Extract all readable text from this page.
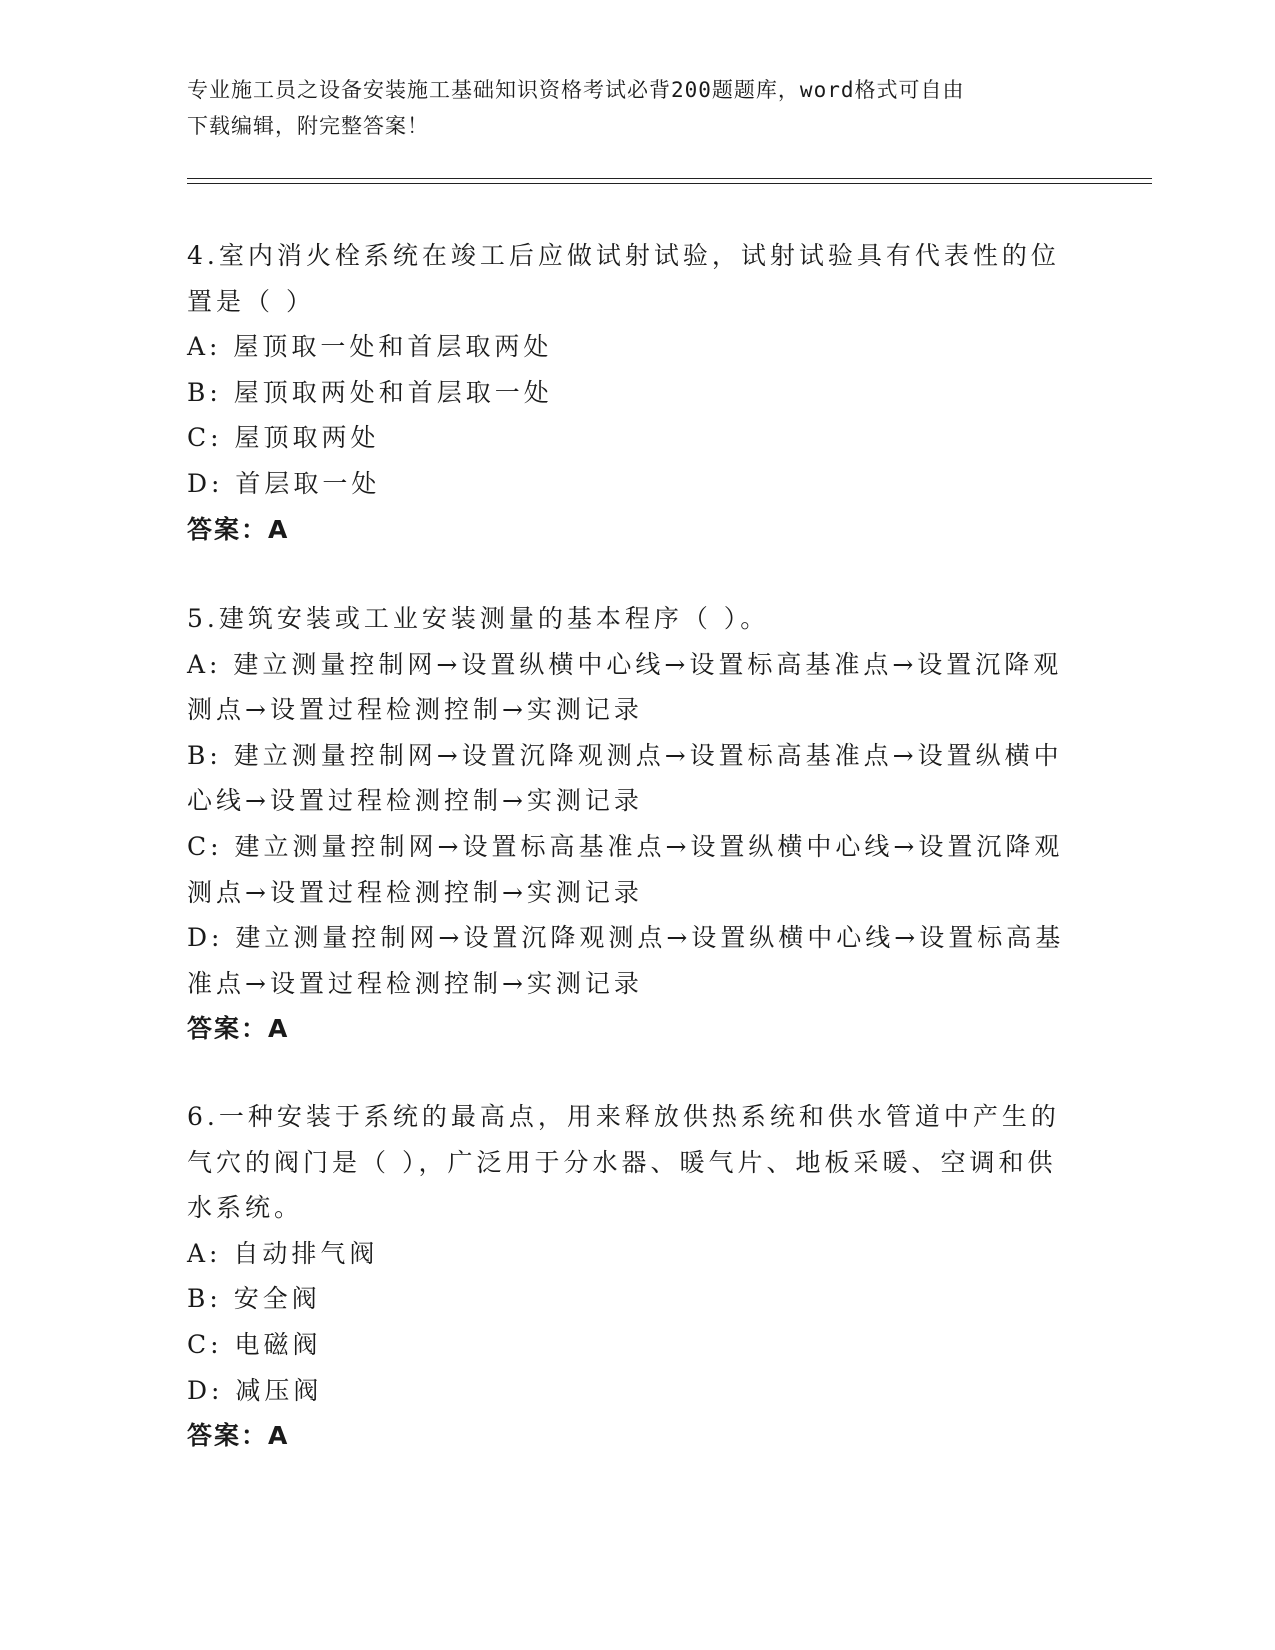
专业施工员之设备安装施工基础知识资格考试必背200题题库，word格式可自由
下载编辑，附完整答案！
4.室内消火栓系统在竣工后应做试射试验，试射试验具有代表性的位
置是（ ）
A: 屋顶取一处和首层取两处
B: 屋顶取两处和首层取一处
C: 屋顶取两处
D: 首层取一处
答案：A
5.建筑安装或工业安装测量的基本程序（ ）。
A: 建立测量控制网→设置纵横中心线→设置标高基准点→设置沉降观
测点→设置过程检测控制→实测记录
B: 建立测量控制网→设置沉降观测点→设置标高基准点→设置纵横中
心线→设置过程检测控制→实测记录
C: 建立测量控制网→设置标高基准点→设置纵横中心线→设置沉降观
测点→设置过程检测控制→实测记录
D: 建立测量控制网→设置沉降观测点→设置纵横中心线→设置标高基
准点→设置过程检测控制→实测记录
答案：A
6.一种安装于系统的最高点，用来释放供热系统和供水管道中产生的
气穴的阀门是（ ），广泛用于分水器、暖气片、地板采暖、空调和供
水系统。
A: 自动排气阀
B: 安全阀
C: 电磁阀
D: 减压阀
答案：A
